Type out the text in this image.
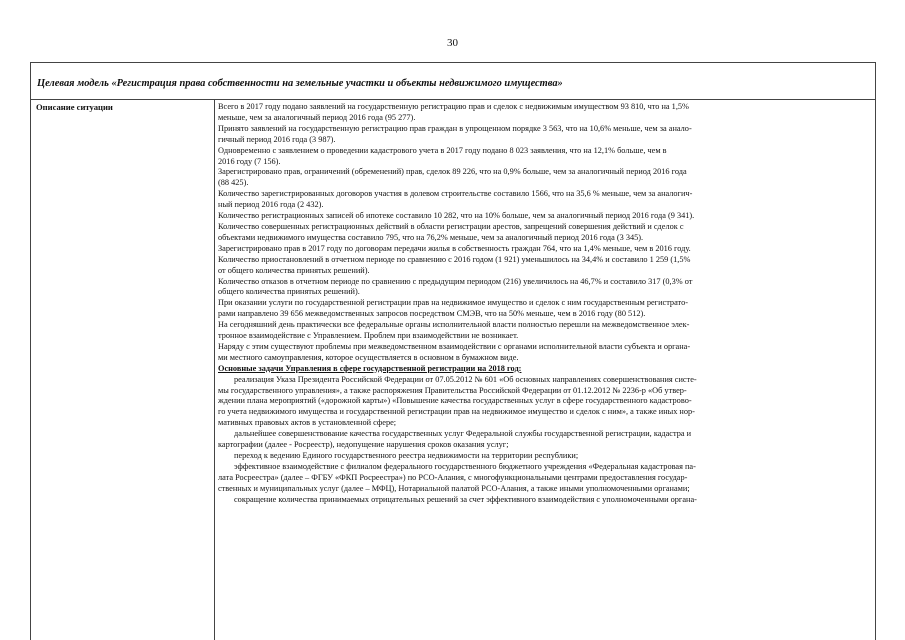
30
Целевая модель «Регистрация права собственности на земельные участки и объекты недвижимого имущества»
Описание ситуации	Всего в 2017 году подано заявлений на государственную регистрацию прав и сделок с недвижимым имуществом 93 810, что на 1,5%
меньше, чем за аналогичный период 2016 года (95 277).
Принято заявлений на государственную регистрацию прав граждан в упрощенном порядке 3 563, что на 10,6% меньше, чем за анало-
гичный период 2016 года (3 987).
Одновременно с заявлением о проведении кадастрового учета в 2017 году подано 8 023 заявления, что на 12,1% больше, чем в
2016 году (7 156).
Зарегистрировано прав, ограничений (обременений) прав, сделок 89 226, что на 0,9% больше, чем за аналогичный период 2016 года
(88 425).
Количество зарегистрированных договоров участия в долевом строительстве составило 1566, что на 35,6 % меньше, чем за аналогич-
ный период 2016 года (2 432).
Количество регистрационных записей об ипотеке составило 10 282, что на 10% больше, чем за аналогичный период 2016 года (9 341).
Количество совершенных регистрационных действий в области регистрации арестов, запрещений совершения действий и сделок с
объектами недвижимого имущества составило 795, что на 76,2% меньше, чем за аналогичный период 2016 года (3 345).
Зарегистрировано прав в 2017 году по договорам передачи жилья в собственность граждан 764, что на 1,4% меньше, чем в 2016 году.
Количество приостановлений в отчетном периоде по сравнению с 2016 годом (1 921) уменьшилось на 34,4% и составило 1 259 (1,5%
от общего количества принятых решений).
Количество отказов в отчетном периоде по сравнению с предыдущим периодом (216) увеличилось на 46,7% и составило 317 (0,3% от
общего количества принятых решений).
При оказании услуги по государственной регистрации прав на недвижимое имущество и сделок с ним государственным регистрато-
рами направлено 39 656 межведомственных запросов посредством СМЭВ, что на 50% меньше, чем в 2016 году (80 512).
На сегодняшний день практически все федеральные органы исполнительной власти полностью перешли на межведомственное элек-
тронное взаимодействие с Управлением. Проблем при взаимодействии не возникает.
Наряду с этим существуют проблемы при межведомственном взаимодействии с органами исполнительной власти субъекта и органа-
ми местного самоуправления, которое осуществляется в основном в бумажном виде.
Основные задачи Управления в сфере государственной регистрации на 2018 год:
реализация Указа Президента Российской Федерации от 07.05.2012 № 601 «Об основных направлениях совершенствования систе-
мы государственного управления», а также распоряжения Правительства Российской Федерации от 01.12.2012 № 2236-р «Об утвер-
ждении плана мероприятий («дорожной карты») «Повышение качества государственных услуг в сфере государственного кадастрово-
го учета недвижимого имущества и государственной регистрации прав на недвижимое имущество и сделок с ним», а также иных нор-
мативных правовых актов в установленной сфере;
дальнейшее совершенствование качества государственных услуг Федеральной службы государственной регистрации, кадастра и
картографии (далее - Росреестр), недопущение нарушения сроков оказания услуг;
переход к ведению Единого государственного реестра недвижимости на территории республики;
эффективное взаимодействие с филиалом федерального государственного бюджетного учреждения «Федеральная кадастровая па-
лата Росреестра» (далее – ФГБУ «ФКП Росреестра») по РСО-Алания, с многофункциональными центрами предоставления государ-
ственных и муниципальных услуг (далее – МФЦ), Нотариальной палатой РСО-Алания, а также иными уполномоченными органами;
сокращение количества принимаемых отрицательных решений за счет эффективного взаимодействия с уполномоченными органа-
